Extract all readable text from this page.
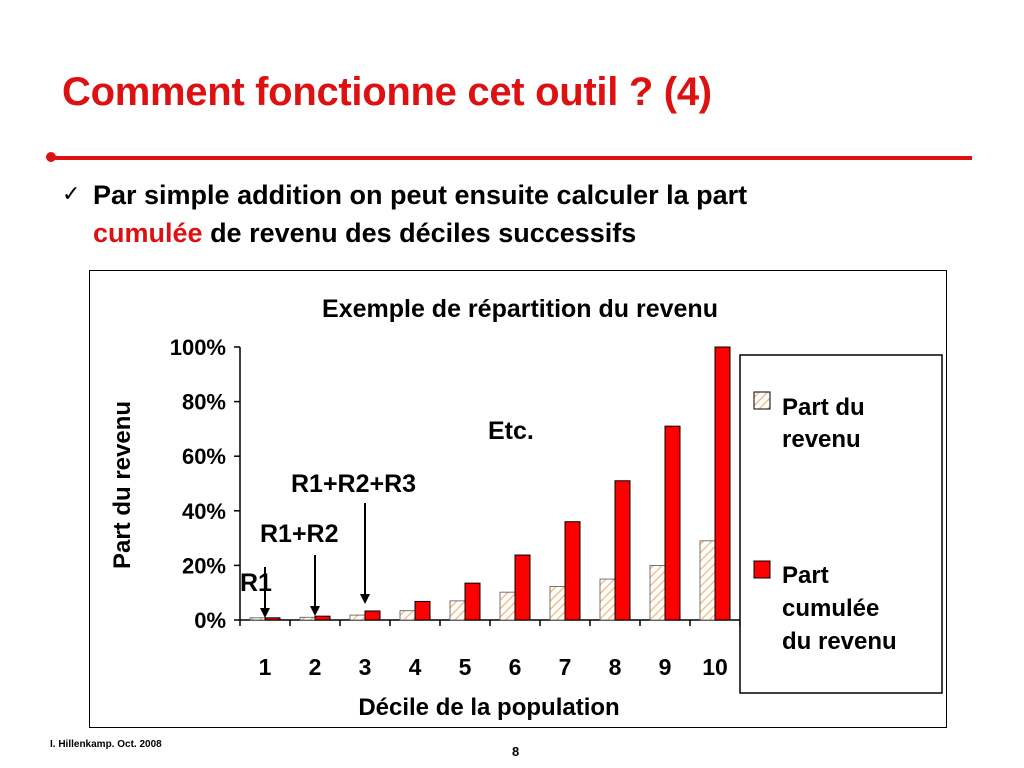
Comment fonctionne cet outil ? (4)
✓ Par simple addition on peut ensuite calculer la part
cumulée de revenu des déciles successifs
Exemple de répartition du revenu
Part du revenu
Décile de la population
0%
20%
40%
60%
80%
100%
1 2 3 4 5 6 7 8 9 10
R1
R1+R2
R1+R2+R3
Etc.
Part du revenu
Part cumulée du revenu
I. Hillenkamp. Oct. 2008	8
